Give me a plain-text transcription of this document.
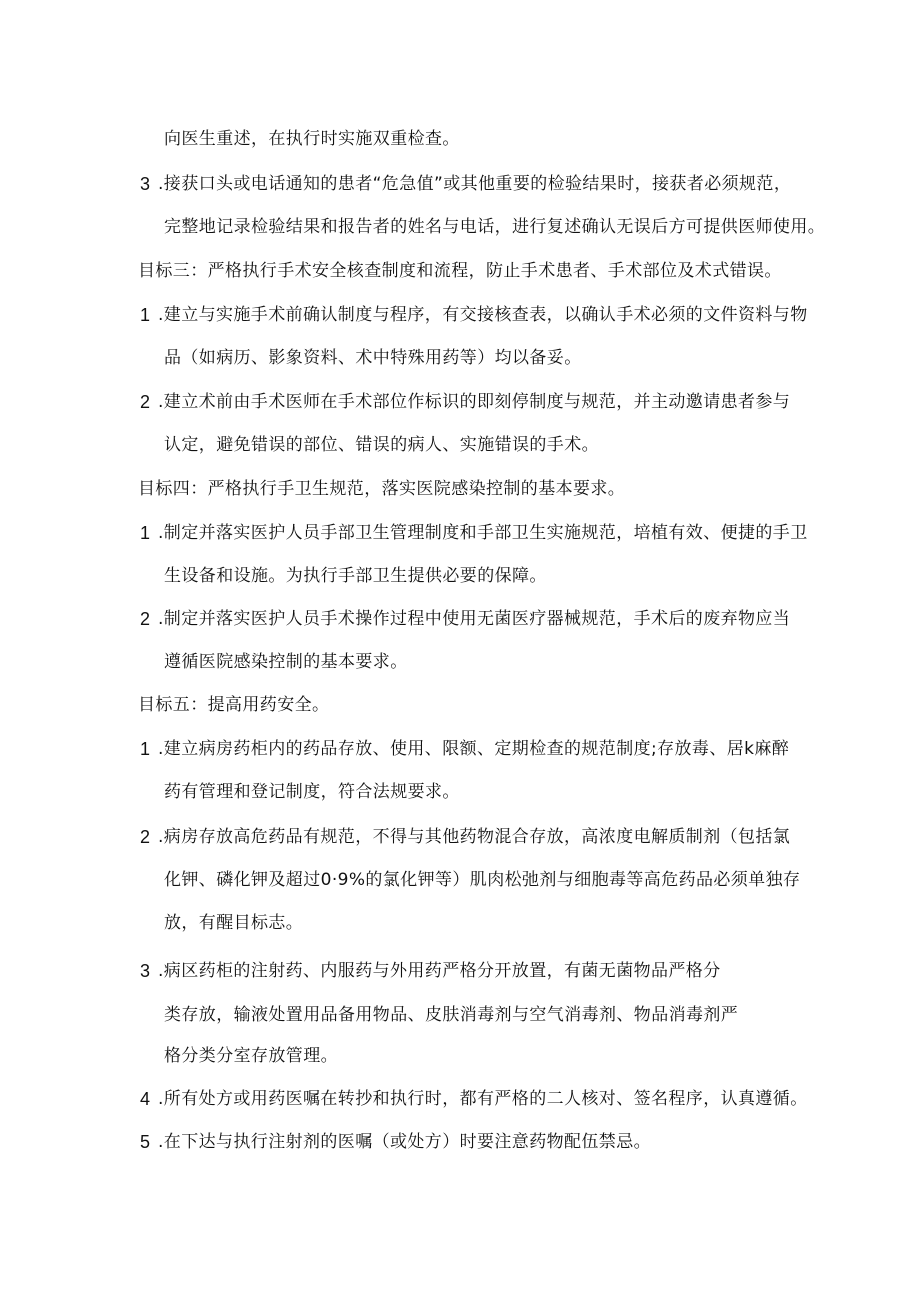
向医生重述，在执行时实施双重检查。
3 .接获口头或电话通知的患者“危急值”或其他重要的检验结果时，接获者必须规范，
完整地记录检验结果和报告者的姓名与电话，进行复述确认无误后方可提供医师使用。
目标三：严格执行手术安全核查制度和流程，防止手术患者、手术部位及术式错误。
1 .建立与实施手术前确认制度与程序，有交接核查表，以确认手术必须的文件资料与物
品（如病历、影象资料、术中特殊用药等）均以备妥。
2 .建立术前由手术医师在手术部位作标识的即刻停制度与规范，并主动邀请患者参与
认定，避免错误的部位、错误的病人、实施错误的手术。
目标四：严格执行手卫生规范，落实医院感染控制的基本要求。
1 .制定并落实医护人员手部卫生管理制度和手部卫生实施规范，培植有效、便捷的手卫
生设备和设施。为执行手部卫生提供必要的保障。
2 .制定并落实医护人员手术操作过程中使用无菌医疗器械规范，手术后的废弃物应当
遵循医院感染控制的基本要求。
目标五：提高用药安全。
1 .建立病房药柜内的药品存放、使用、限额、定期检查的规范制度;存放毒、居k麻醉
药有管理和登记制度，符合法规要求。
2 .病房存放高危药品有规范，不得与其他药物混合存放，高浓度电解质制剂（包括氯
化钾、磷化钾及超过0·9%的氯化钾等）肌肉松弛剂与细胞毒等高危药品必须单独存
放，有醒目标志。
3 .病区药柜的注射药、内服药与外用药严格分开放置，有菌无菌物品严格分
类存放，输液处置用品备用物品、皮肤消毒剂与空气消毒剂、物品消毒剂严
格分类分室存放管理。
4 .所有处方或用药医嘱在转抄和执行时，都有严格的二人核对、签名程序，认真遵循。
5 .在下达与执行注射剂的医嘱（或处方）时要注意药物配伍禁忌。
